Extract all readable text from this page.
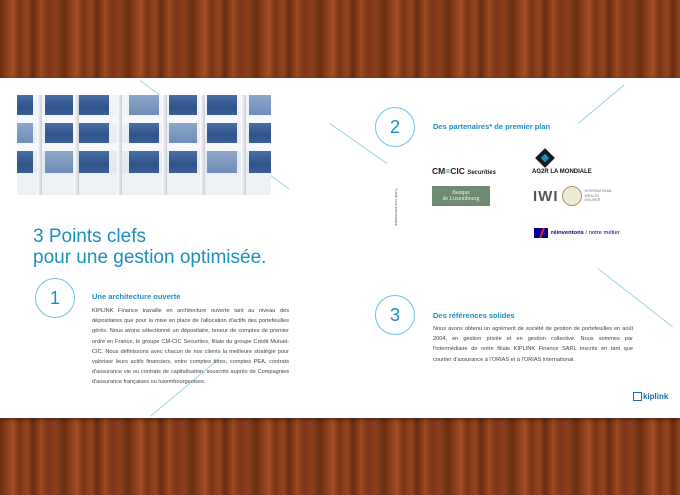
3 Points clefs
pour une gestion optimisée.
1	Une architecture ouverte
KIPLINK Finance travaille en architecture ouverte tant au niveau des dépositaires que pour la mise en place de l'allocation d'actifs des portefeuilles gérés. Nous avons sélectionné un dépositaire, teneur de comptes de premier ordre en France, le groupe CM-CIC Securities, filiale du groupe Crédit Mutuel-CIC. Nous définissons avec chacun de nos clients la meilleure stratégie pour valoriser leurs actifs financiers, entre comptes titres, comptes PEA, contrats d'assurance vie ou contrats de capitalisation, souscrits auprès de Compagnies d'assurance françaises ou luxembourgeoises.
2	Des partenaires* de premier plan
*Liste non exhaustive
CM=CIC Securities
Banque
de Luxembourg
AG2R LA MONDIALE
IWI	INTERNATIONAL WEALTH INSURER
réinventons / notre métier
3	Des références solides
Nous avons obtenu un agrément de société de gestion de portefeuilles en août 2004, en gestion privée et en gestion collective. Nous sommes par l'intermédiaire de notre filiale KIPLINK Finance SARL inscrits en tant que courtier d'assurance à l'ORIAS et à l'ORIAS international.
kiplink
